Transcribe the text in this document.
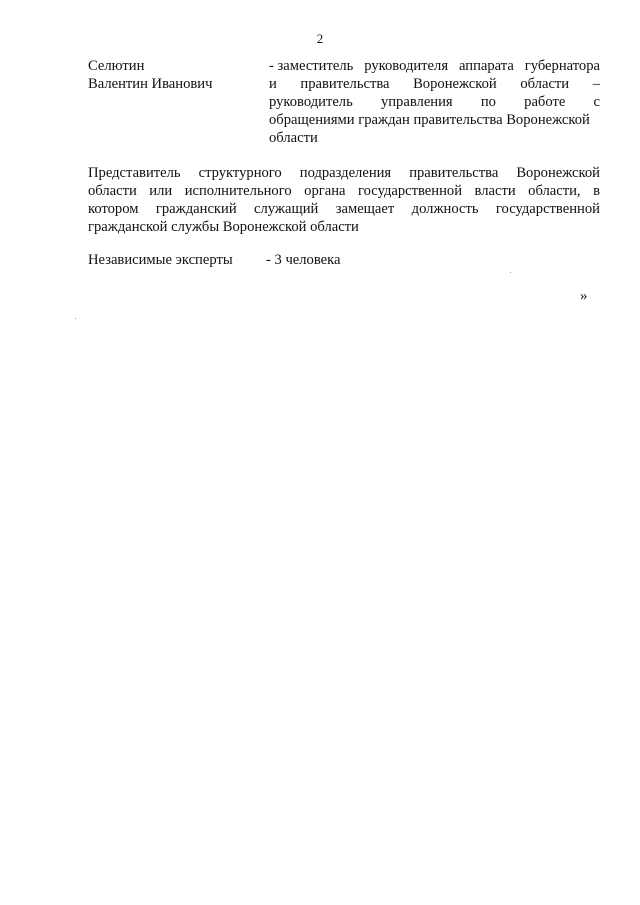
2
Селютин
Валентин Иванович
- заместитель руководителя аппарата губернатора
и правительства Воронежской области –
руководитель управления по работе с
обращениями граждан правительства Воронежской
области
Представитель структурного подразделения правительства Воронежской
области или исполнительного органа государственной власти области, в
котором гражданский служащий замещает должность государственной
гражданской службы Воронежской области
Независимые эксперты - 3 человека
»
